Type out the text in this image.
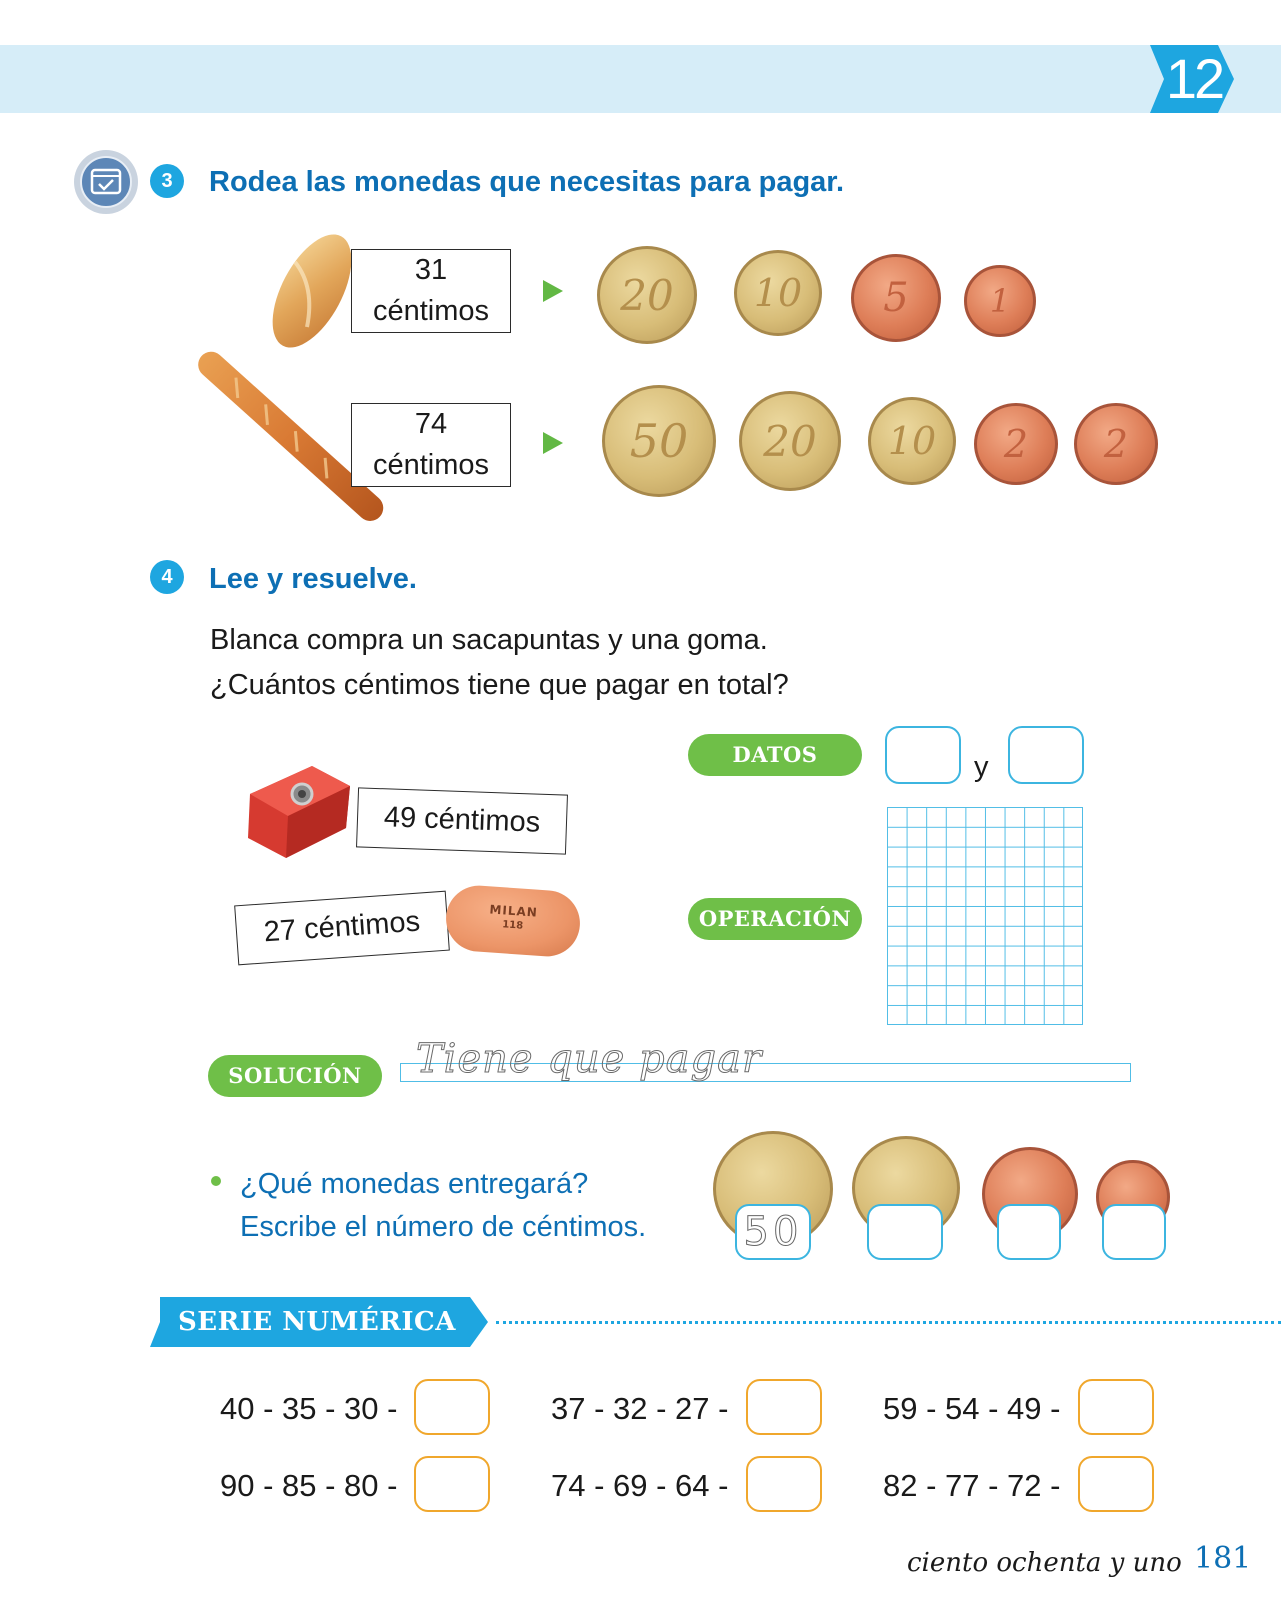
12
3	Rodea las monedas que necesitas para pagar.
31
céntimos
74
céntimos
20 10 5	1
50 20 10 2 2
4	Lee y resuelve.
Blanca compra un sacapuntas y una goma.
¿Cuántos céntimos tiene que pagar en total?
49 céntimos
27 céntimos	MILAN
118
DATOS	y
OPERACIÓN
SOLUCIÓN	Tiene que pagar
¿Qué monedas entregará?
Escribe el número de céntimos. 50
SERIE NUMÉRICA
40 - 35 - 30 -	37 - 32 - 27 -	59 - 54 - 49 -
90 - 85 - 80 -	74 - 69 - 64 -	82 - 77 - 72 -
ciento ochenta y uno 181
